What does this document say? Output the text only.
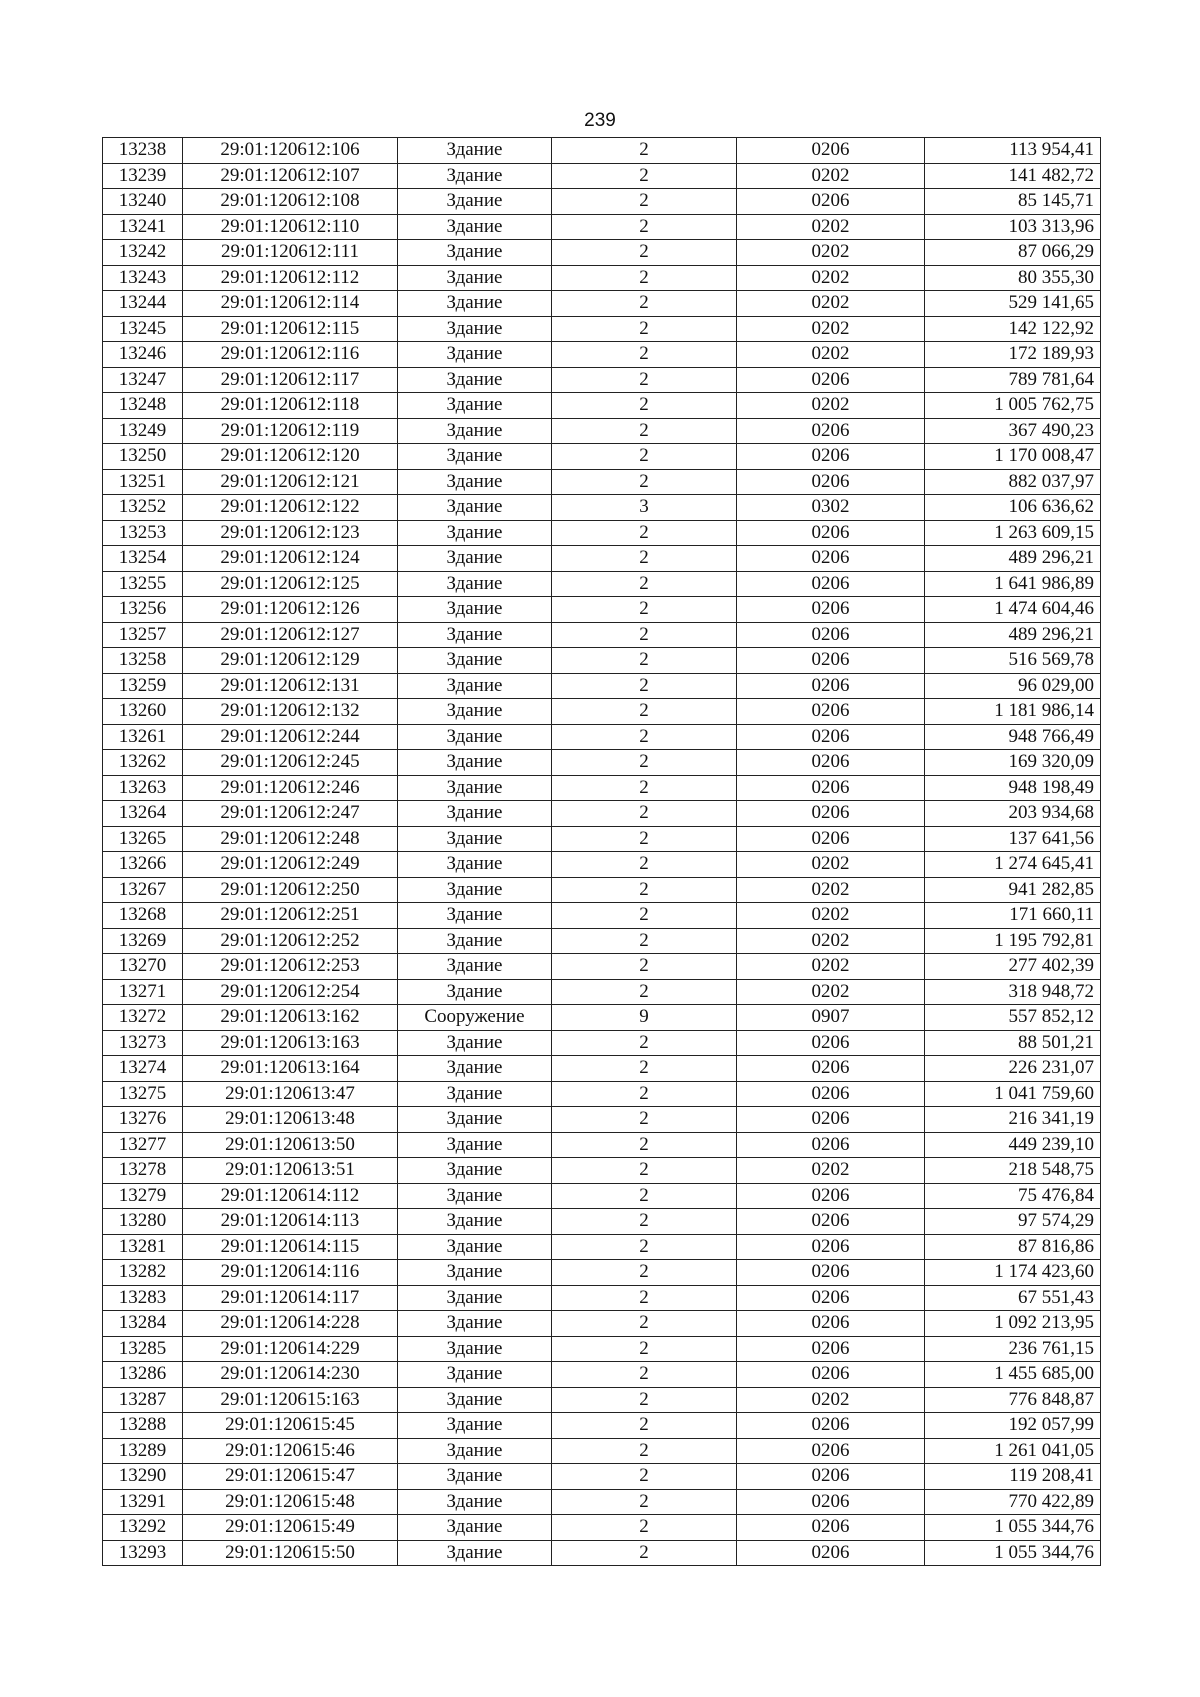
239
13238	29:01:120612:106	Здание	2	0206	113 954,41
13239	29:01:120612:107	Здание	2	0202	141 482,72
13240	29:01:120612:108	Здание	2	0206	85 145,71
13241	29:01:120612:110	Здание	2	0202	103 313,96
13242	29:01:120612:111	Здание	2	0202	87 066,29
13243	29:01:120612:112	Здание	2	0202	80 355,30
13244	29:01:120612:114	Здание	2	0202	529 141,65
13245	29:01:120612:115	Здание	2	0202	142 122,92
13246	29:01:120612:116	Здание	2	0202	172 189,93
13247	29:01:120612:117	Здание	2	0206	789 781,64
13248	29:01:120612:118	Здание	2	0202	1 005 762,75
13249	29:01:120612:119	Здание	2	0206	367 490,23
13250	29:01:120612:120	Здание	2	0206	1 170 008,47
13251	29:01:120612:121	Здание	2	0206	882 037,97
13252	29:01:120612:122	Здание	3	0302	106 636,62
13253	29:01:120612:123	Здание	2	0206	1 263 609,15
13254	29:01:120612:124	Здание	2	0206	489 296,21
13255	29:01:120612:125	Здание	2	0206	1 641 986,89
13256	29:01:120612:126	Здание	2	0206	1 474 604,46
13257	29:01:120612:127	Здание	2	0206	489 296,21
13258	29:01:120612:129	Здание	2	0206	516 569,78
13259	29:01:120612:131	Здание	2	0206	96 029,00
13260	29:01:120612:132	Здание	2	0206	1 181 986,14
13261	29:01:120612:244	Здание	2	0206	948 766,49
13262	29:01:120612:245	Здание	2	0206	169 320,09
13263	29:01:120612:246	Здание	2	0206	948 198,49
13264	29:01:120612:247	Здание	2	0206	203 934,68
13265	29:01:120612:248	Здание	2	0206	137 641,56
13266	29:01:120612:249	Здание	2	0202	1 274 645,41
13267	29:01:120612:250	Здание	2	0202	941 282,85
13268	29:01:120612:251	Здание	2	0202	171 660,11
13269	29:01:120612:252	Здание	2	0202	1 195 792,81
13270	29:01:120612:253	Здание	2	0202	277 402,39
13271	29:01:120612:254	Здание	2	0202	318 948,72
13272	29:01:120613:162	Сооружение	9	0907	557 852,12
13273	29:01:120613:163	Здание	2	0206	88 501,21
13274	29:01:120613:164	Здание	2	0206	226 231,07
13275	29:01:120613:47	Здание	2	0206	1 041 759,60
13276	29:01:120613:48	Здание	2	0206	216 341,19
13277	29:01:120613:50	Здание	2	0206	449 239,10
13278	29:01:120613:51	Здание	2	0202	218 548,75
13279	29:01:120614:112	Здание	2	0206	75 476,84
13280	29:01:120614:113	Здание	2	0206	97 574,29
13281	29:01:120614:115	Здание	2	0206	87 816,86
13282	29:01:120614:116	Здание	2	0206	1 174 423,60
13283	29:01:120614:117	Здание	2	0206	67 551,43
13284	29:01:120614:228	Здание	2	0206	1 092 213,95
13285	29:01:120614:229	Здание	2	0206	236 761,15
13286	29:01:120614:230	Здание	2	0206	1 455 685,00
13287	29:01:120615:163	Здание	2	0202	776 848,87
13288	29:01:120615:45	Здание	2	0206	192 057,99
13289	29:01:120615:46	Здание	2	0206	1 261 041,05
13290	29:01:120615:47	Здание	2	0206	119 208,41
13291	29:01:120615:48	Здание	2	0206	770 422,89
13292	29:01:120615:49	Здание	2	0206	1 055 344,76
13293	29:01:120615:50	Здание	2	0206	1 055 344,76
